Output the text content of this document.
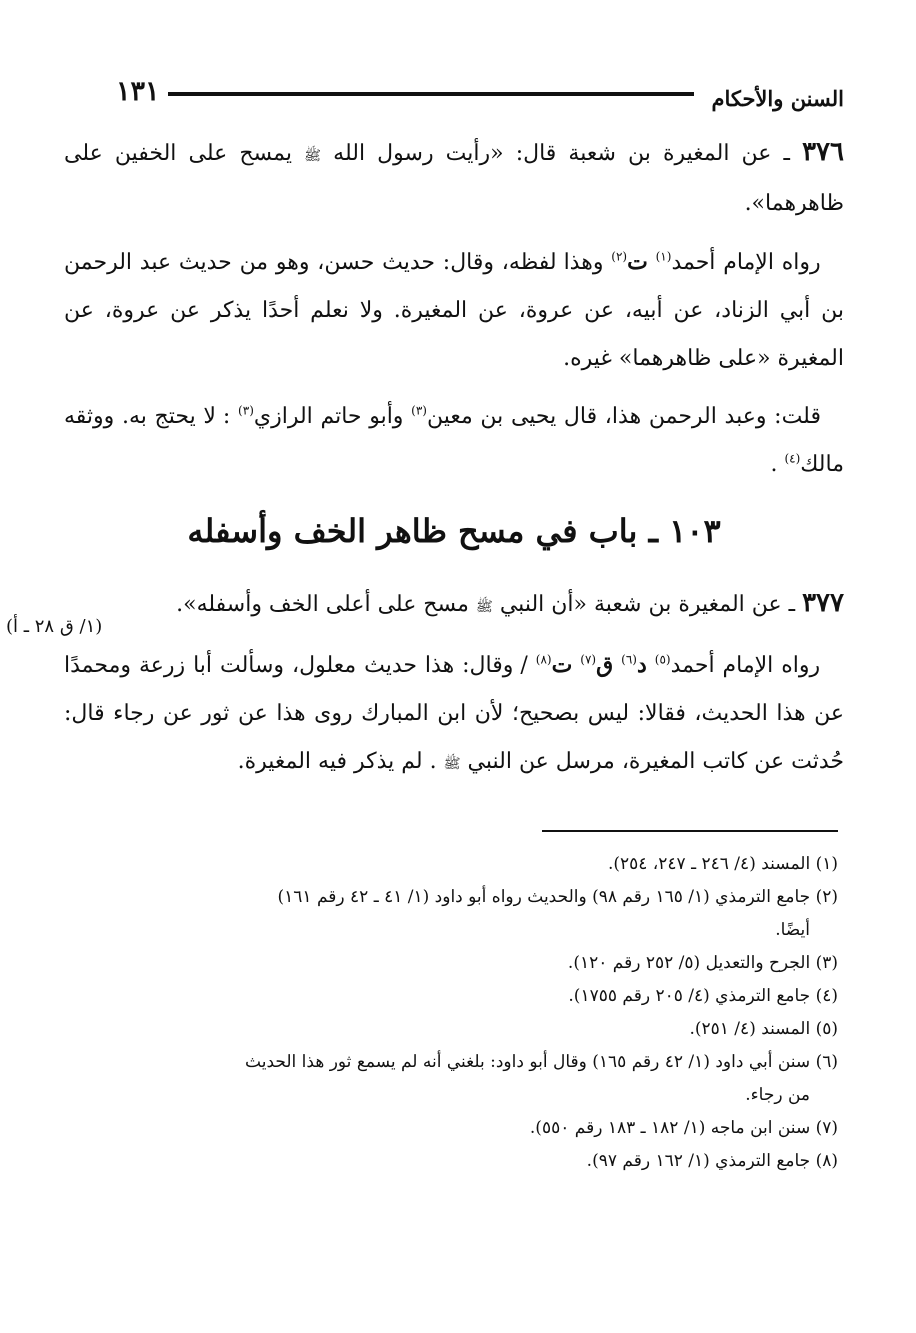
السنن والأحكام
١٣١

٣٧٦ ـ عن المغيرة بن شعبة قال: «رأيت رسول الله ﷺ يمسح على الخفين على ظاهرهما».

رواه الإمام أحمد$^{(١)}$ ت$^{(٢)}$ وهذا لفظه، وقال: حديث حسن، وهو من حديث عبد الرحمن بن أبي الزناد، عن أبيه، عن عروة، عن المغيرة. ولا نعلم أحدًا يذكر عن عروة، عن المغيرة «على ظاهرهما» غيره.

قلت: وعبد الرحمن هذا، قال يحيى بن معين$^{(٣)}$ وأبو حاتم الرازي$^{(٣)}$ : لا يحتج به. ووثقه مالك$^{(٤)}$ .

١٠٣ ـ باب في مسح ظاهر الخف وأسفله

٣٧٧ ـ عن المغيرة بن شعبة «أن النبي ﷺ مسح على أعلى الخف وأسفله».

رواه الإمام أحمد$^{(٥)}$ د$^{(٦)}$ ق$^{(٧)}$ ت$^{(٨)}$ / وقال: هذا حديث معلول، وسألت أبا زرعة ومحمدًا عن هذا الحديث، فقالا: ليس بصحيح؛ لأن ابن المبارك روى هذا عن ثور عن رجاء قال: حُدثت عن كاتب المغيرة، مرسل عن النبي ﷺ . لم يذكر فيه المغيرة.

(١/ ق ٢٨ ـ أ)

(١) المسند (٤/ ٢٤٦ ـ ٢٤٧، ٢٥٤).

(٢) جامع الترمذي (١/ ١٦٥ رقم ٩٨) والحديث رواه أبو داود (١/ ٤١ ـ ٤٢ رقم ١٦١)
أيضًا.

(٣) الجرح والتعديل (٥/ ٢٥٢ رقم ١٢٠).

(٤) جامع الترمذي (٤/ ٢٠٥ رقم ١٧٥٥).

(٥) المسند (٤/ ٢٥١).

(٦) سنن أبي داود (١/ ٤٢ رقم ١٦٥) وقال أبو داود: بلغني أنه لم يسمع ثور هذا الحديث
من رجاء.

(٧) سنن ابن ماجه (١/ ١٨٢ ـ ١٨٣ رقم ٥٥٠).

(٨) جامع الترمذي (١/ ١٦٢ رقم ٩٧).
